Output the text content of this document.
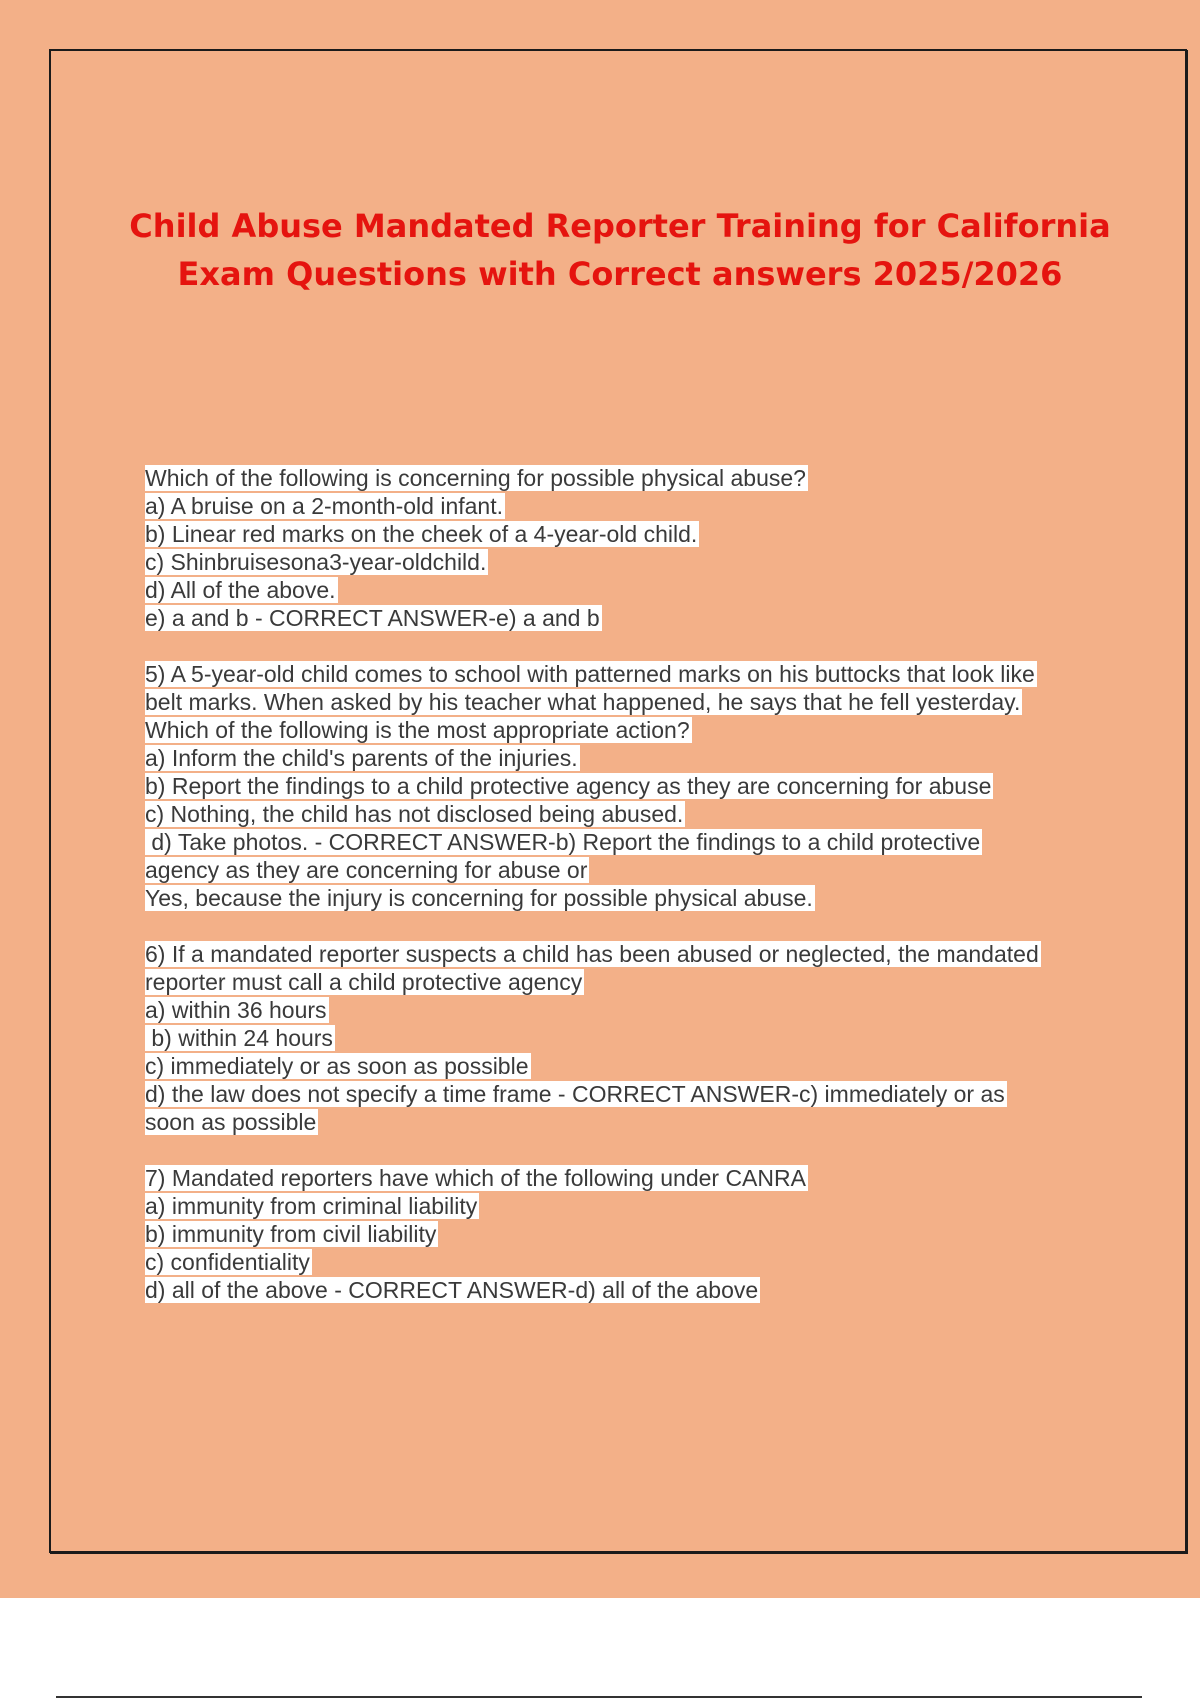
Child Abuse Mandated Reporter Training for California
Exam Questions with Correct answers 2025/2026
Which of the following is concerning for possible physical abuse?
a) A bruise on a 2-month-old infant.
b) Linear red marks on the cheek of a 4-year-old child.
c) Shinbruisesona3-year-oldchild.
d) All of the above.
e) a and b - CORRECT ANSWER-e) a and b
5) A 5-year-old child comes to school with patterned marks on his buttocks that look like
belt marks. When asked by his teacher what happened, he says that he fell yesterday.
Which of the following is the most appropriate action?
a) Inform the child's parents of the injuries.
b) Report the findings to a child protective agency as they are concerning for abuse
c) Nothing, the child has not disclosed being abused.
d) Take photos. - CORRECT ANSWER-b) Report the findings to a child protective
agency as they are concerning for abuse or
Yes, because the injury is concerning for possible physical abuse.
6) If a mandated reporter suspects a child has been abused or neglected, the mandated
reporter must call a child protective agency
a) within 36 hours
b) within 24 hours
c) immediately or as soon as possible
d) the law does not specify a time frame - CORRECT ANSWER-c) immediately or as
soon as possible
7) Mandated reporters have which of the following under CANRA
a) immunity from criminal liability
b) immunity from civil liability
c) confidentiality
d) all of the above - CORRECT ANSWER-d) all of the above
